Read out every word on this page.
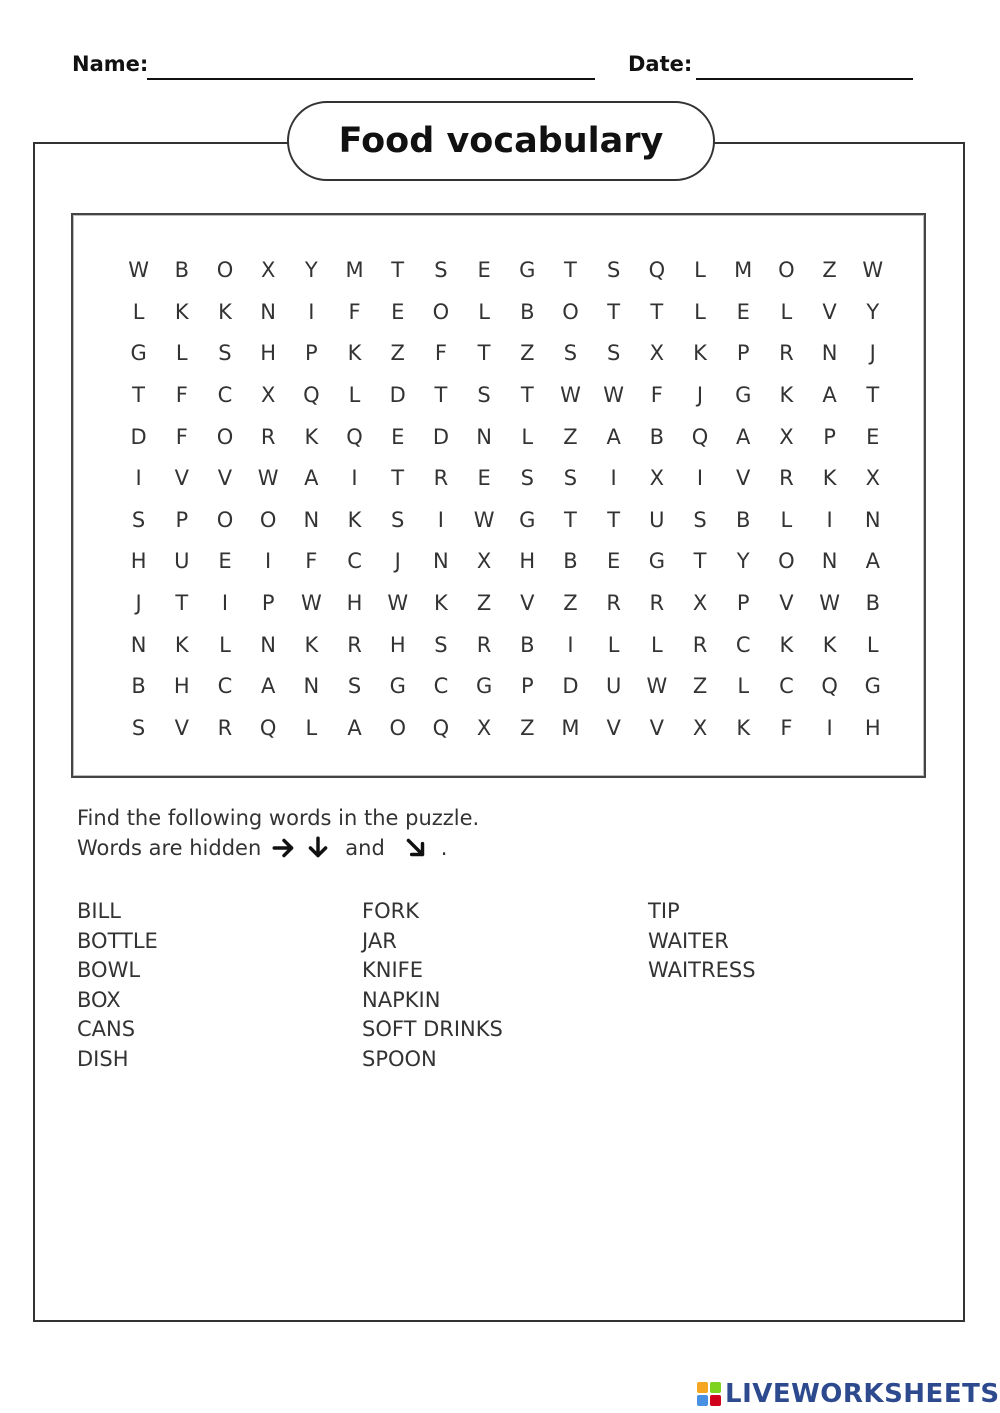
Name:	Date:
Food vocabulary
W	B	O	X	Y	M	T	S	E	G	T	S	Q	L	M	O	Z	W
L	K	K	N	I	F	E	O	L	B	O	T	T	L	E	L	V	Y
G	L	S	H	P	K	Z	F	T	Z	S	S	X	K	P	R	N	J
T	F	C	X	Q	L	D	T	S	T	W	W	F	J	G	K	A	T
D	F	O	R	K	Q	E	D	N	L	Z	A	B	Q	A	X	P	E
I	V	V	W	A	I	T	R	E	S	S	I	X	I	V	R	K	X
S	P	O	O	N	K	S	I	W	G	T	T	U	S	B	L	I	N
H	U	E	I	F	C	J	N	X	H	B	E	G	T	Y	O	N	A
J	T	I	P	W	H	W	K	Z	V	Z	R	R	X	P	V	W	B
N	K	L	N	K	R	H	S	R	B	I	L	L	R	C	K	K	L
B	H	C	A	N	S	G	C	G	P	D	U	W	Z	L	C	Q	G
S	V	R	Q	L	A	O	Q	X	Z	M	V	V	X	K	F	I	H
Find the following words in the puzzle.
Words are hidden	and	.
BILL
BOTTLE
BOWL
BOX
CANS
DISH
FORK
JAR
KNIFE
NAPKIN
SOFT DRINKS
SPOON
TIP
WAITER
WAITRESS
LIVEWORKSHEETS
